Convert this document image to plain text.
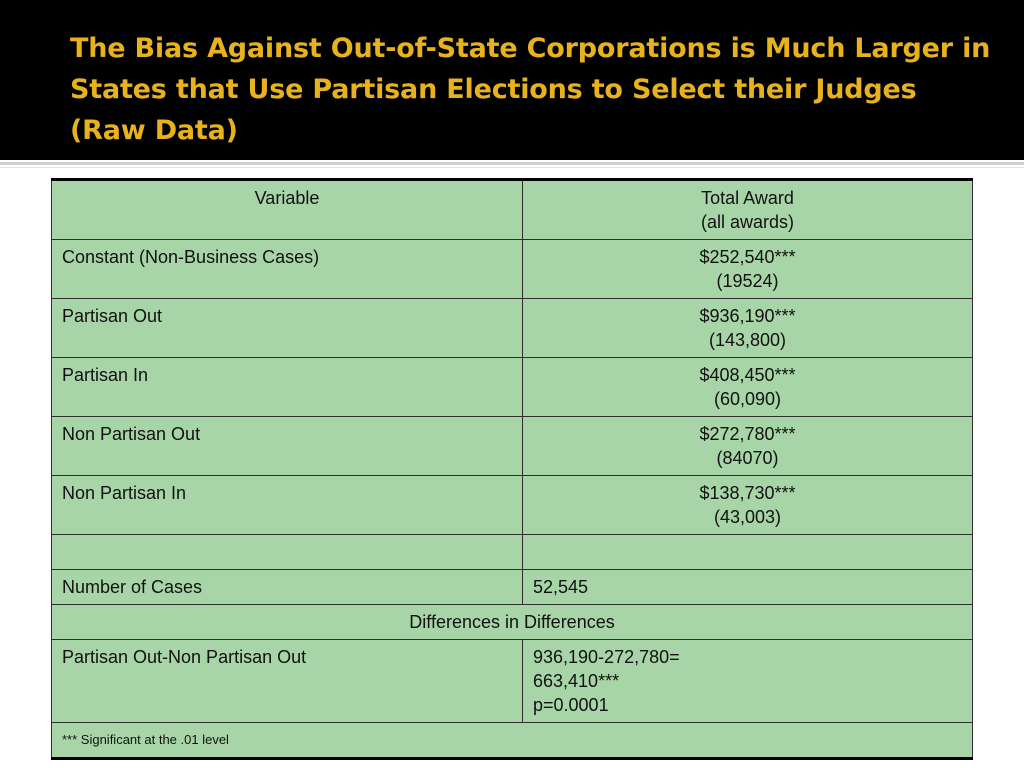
The Bias Against Out-of-State Corporations is Much Larger in
States that Use Partisan Elections to Select their Judges
(Raw Data)
Variable	Total Award
(all awards)

Constant (Non-Business Cases)	$252,540***
(19524)

Partisan Out	$936,190***
(143,800)

Partisan In	$408,450***
(60,090)

Non Partisan Out	$272,780***
(84070)

Non Partisan In	$138,730***
(43,003)

Number of Cases	52,545
Differences in Differences	
Partisan Out-Non Partisan Out	936,190-272,780=
663,410***
p=0.0001

*** Significant at the .01 level	
